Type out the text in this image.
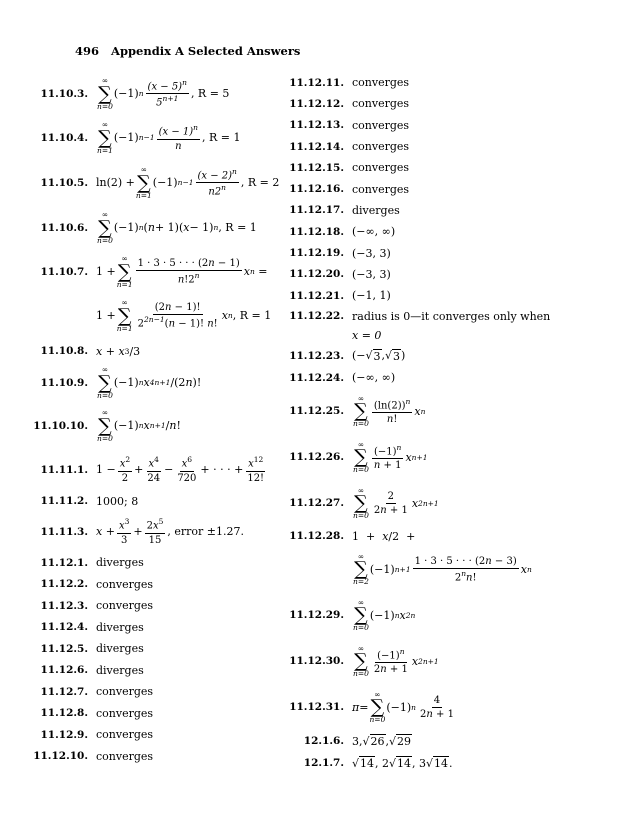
496 Appendix A Selected Answers
11.10.3.
∞
∑
n=0
(−1) n $\frac{(x - 5)^n}{5^{n+1}}$ , R = 5
11.10.4.
∞
∑
n=1
(−1) $n-1 \frac{(x - 1)^n}{n}$ , R = 1
11.10.5. ln(2) +
∞
∑
n=1
(−1) $n-1 \frac{(x - 2)^n}{n2^n}$ , R = 2
11.10.6.
∞
∑
n=0
(−1) n ( n + 1)( x − 1) n , R = 1
11.10.7. 1 +
∞
∑
$n=1 \frac{1 \cdot 3 \cdot 5 \cdot \cdot \cdot (2n - 1)}{n!2^n}$ x n =
1 +
∞
∑
$n=1 \frac{(2n - 1)!}{2^{2n-1}(n - 1)! n!}$ x n , R = 1
11.10.8. x + x 3 /3
11.10.9.
∞
∑
n=0
(−1) n x 4n+1 /(2 n )!
11.10.10.
∞
∑
n=0
(−1) n x n+1 / n !
11.11.1. $1 - \frac{x^2}{2} + \frac{x^4}{24} - \frac{x^6}{720}$ + · · · + $\frac{x^{12}}{12!}$
11.11.2. 1000; 8
11.11.3. $x + \frac{x^3}{3} + \frac{2x^5}{15}$ , error ±1.27.
11.12.1. diverges
11.12.2. converges
11.12.3. converges
11.12.4. diverges
11.12.5. diverges
11.12.6. diverges
11.12.7. converges
11.12.8. converges
11.12.9. converges
11.12.10. converges
11.12.11. converges
11.12.12. converges
11.12.13. converges
11.12.14. converges
11.12.15. converges
11.12.16. converges
11.12.17. diverges
11.12.18. (−∞, ∞)
11.12.19. (−3, 3)
11.12.20. (−3, 3)
11.12.21. (−1, 1)
11.12.22. radius is 0—it converges only when
x = 0
11.12.23. (− √ 3 , √ 3 )
11.12.24. (−∞, ∞)
11.12.25.
∞
∑
$n=0 \frac{(\ln(2))^n}{n!}$ x n
11.12.26.
∞
∑
$n=0 \frac{(-1)^n}{n + 1}$ x n+1
11.12.27.
∞
∑
n=0
$\frac{2}{2n + 1}$ x 2n+1
11.12.28. 1  + x /2  +
∞
∑
n=2
(−1) $n+1 \frac{1 \cdot 3 \cdot 5 \cdot \cdot \cdot (2n - 3)}{2^nn!}$ x n
11.12.29.
∞
∑
n=0
(−1) n x 2n
11.12.30.
∞
∑
$n=0 \frac{(-1)^n}{2n + 1}$ x 2n+1
11.12.31. π =
∞
∑
n=0
(−1) n $\frac{4}{2n + 1}$
12.1.6. 3, √ 26 , √ 29
12.1.7. √ 14 , 2 √ 14 , 3 √ 14 .
